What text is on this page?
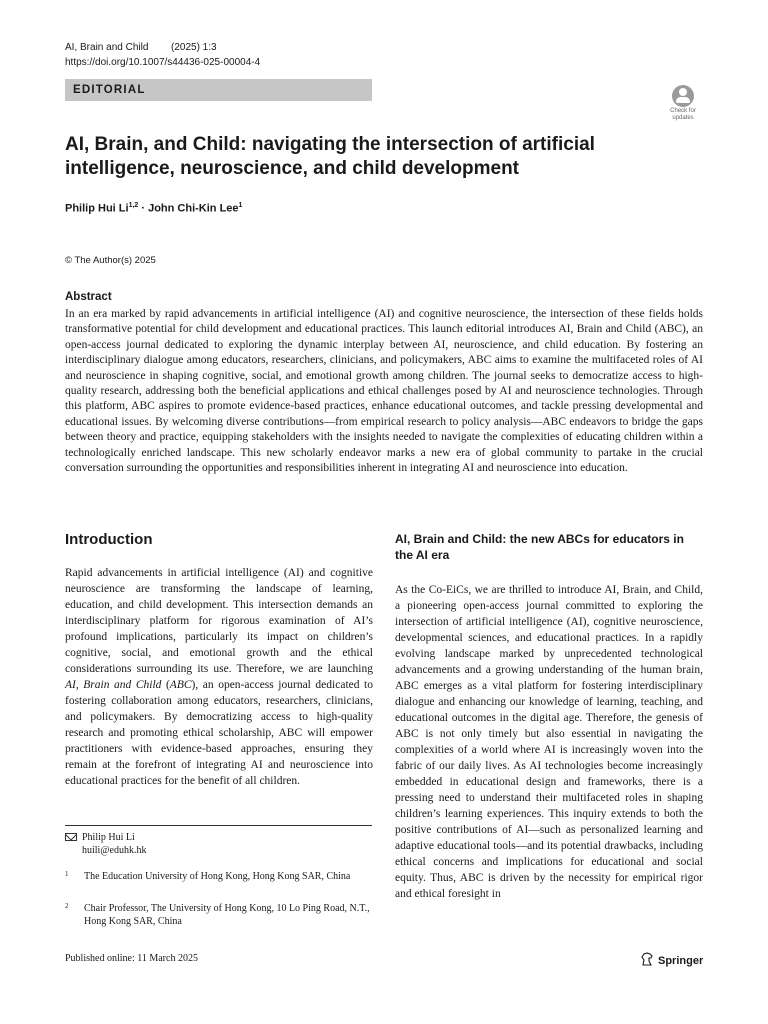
AI, Brain and Child (2025) 1:3
https://doi.org/10.1007/s44436-025-00004-4
EDITORIAL
Check for
updates
AI, Brain, and Child: navigating the intersection of artificial intelligence, neuroscience, and child development
Philip Hui Li$^{1,2}$ · John Chi-Kin Lee$^1$
© The Author(s) 2025
Abstract
In an era marked by rapid advancements in artificial intelligence (AI) and cognitive neuroscience, the intersection of these fields holds transformative potential for child development and educational practices. This launch editorial introduces AI, Brain and Child (ABC), an open-access journal dedicated to exploring the dynamic interplay between AI, neuroscience, and child education. By fostering an interdisciplinary dialogue among educators, researchers, clinicians, and policymakers, ABC aims to examine the multifaceted roles of AI and neuroscience in shaping cognitive, social, and emotional growth among children. The journal seeks to democratize access to high-quality research, addressing both the beneficial applications and ethical challenges posed by AI and neuroscience technologies. Through this platform, ABC aspires to promote evidence-based practices, enhance educational outcomes, and tackle pressing developmental and educational issues. By welcoming diverse contributions—from empirical research to policy analysis—ABC endeavors to bridge the gaps between theory and practice, equipping stakeholders with the insights needed to navigate the complexities of educating children within a technologically enriched landscape. This new scholarly endeavor marks a new era of global community to partake in the crucial conversation surrounding the opportunities and responsibilities inherent in integrating AI and neuroscience into education.
Introduction

Rapid advancements in artificial intelligence (AI) and cognitive neuroscience are transforming the landscape of learning, education, and child development. This intersection demands an interdisciplinary platform for rigorous examination of AI’s profound implications, particularly its impact on children’s cognitive, social, and emotional growth and the ethical considerations surrounding its use. Therefore, we are launching AI, Brain and Child (ABC), an open-access journal dedicated to fostering collaboration among educators, researchers, clinicians, and policymakers. By democratizing access to high-quality research and promoting ethical scholarship, ABC will empower practitioners with evidence-based approaches, ensuring they remain at the forefront of integrating AI and neuroscience into educational practices for the benefit of all children.

Philip Hui Li
huili@eduhk.hk
1 The Education University of Hong Kong, Hong Kong SAR, China
2 Chair Professor, The University of Hong Kong, 10 Lo Ping Road, N.T., Hong Kong SAR, China
Published online: 11 March 2025	Springer
AI, Brain and Child: the new ABCs for educators in the AI era

As the Co-EiCs, we are thrilled to introduce AI, Brain, and Child, a pioneering open-access journal committed to exploring the intersection of artificial intelligence (AI), cognitive neuroscience, developmental sciences, and educational practices. In a rapidly evolving landscape marked by unprecedented technological advancements and a growing understanding of the human brain, ABC emerges as a vital platform for fostering interdisciplinary dialogue and enhancing our knowledge of learning, teaching, and educational outcomes in the digital age. Therefore, the genesis of ABC is not only timely but also essential in navigating the complexities of a world where AI is increasingly woven into the fabric of our daily lives. As AI technologies become increasingly embedded in educational design and frameworks, there is a pressing need to understand their multifaceted roles in shaping children’s learning experiences. This inquiry extends to both the positive contributions of AI—such as personalized learning and adaptive educational tools—and its potential drawbacks, including ethical concerns and implications for educational and social equity. Thus, ABC is driven by the necessity for empirical rigor and ethical foresight in
